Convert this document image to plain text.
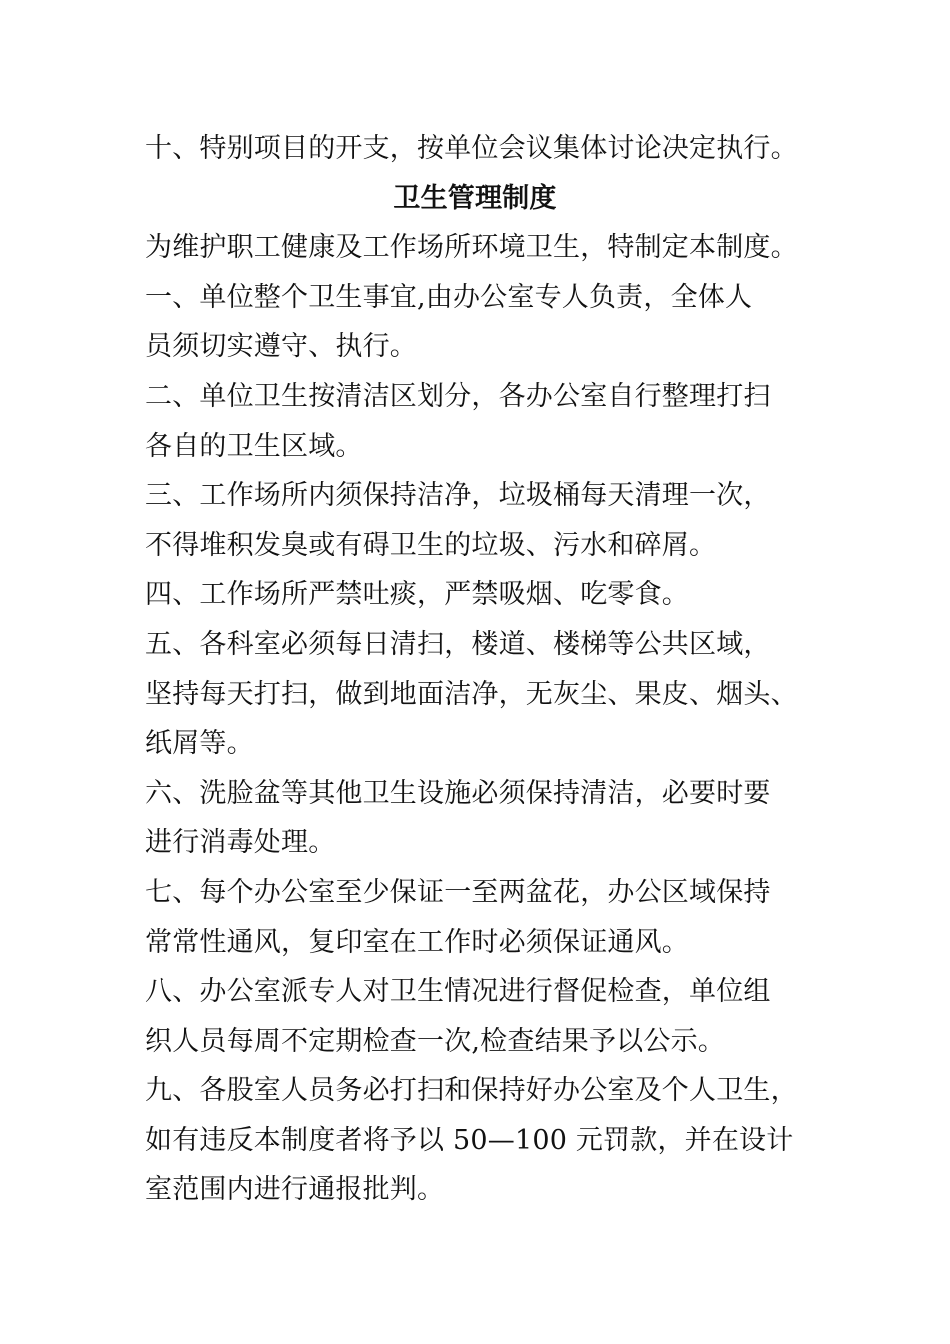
十、特别项目的开支，按单位会议集体讨论决定执行。
卫生管理制度
为维护职工健康及工作场所环境卫生，特制定本制度。
一、单位整个卫生事宜,由办公室专人负责，全体人
员须切实遵守、执行。
二、单位卫生按清洁区划分，各办公室自行整理打扫
各自的卫生区域。
三、工作场所内须保持洁净，垃圾桶每天清理一次，
不得堆积发臭或有碍卫生的垃圾、污水和碎屑。
四、工作场所严禁吐痰，严禁吸烟、吃零食。
五、各科室必须每日清扫，楼道、楼梯等公共区域，
坚持每天打扫，做到地面洁净，无灰尘、果皮、烟头、
纸屑等。
六、洗脸盆等其他卫生设施必须保持清洁，必要时要
进行消毒处理。
七、每个办公室至少保证一至两盆花，办公区域保持
常常性通风，复印室在工作时必须保证通风。
八、办公室派专人对卫生情况进行督促检查，单位组
织人员每周不定期检查一次,检查结果予以公示。
九、各股室人员务必打扫和保持好办公室及个人卫生，
如有违反本制度者将予以 50—100 元罚款，并在设计
室范围内进行通报批判。
